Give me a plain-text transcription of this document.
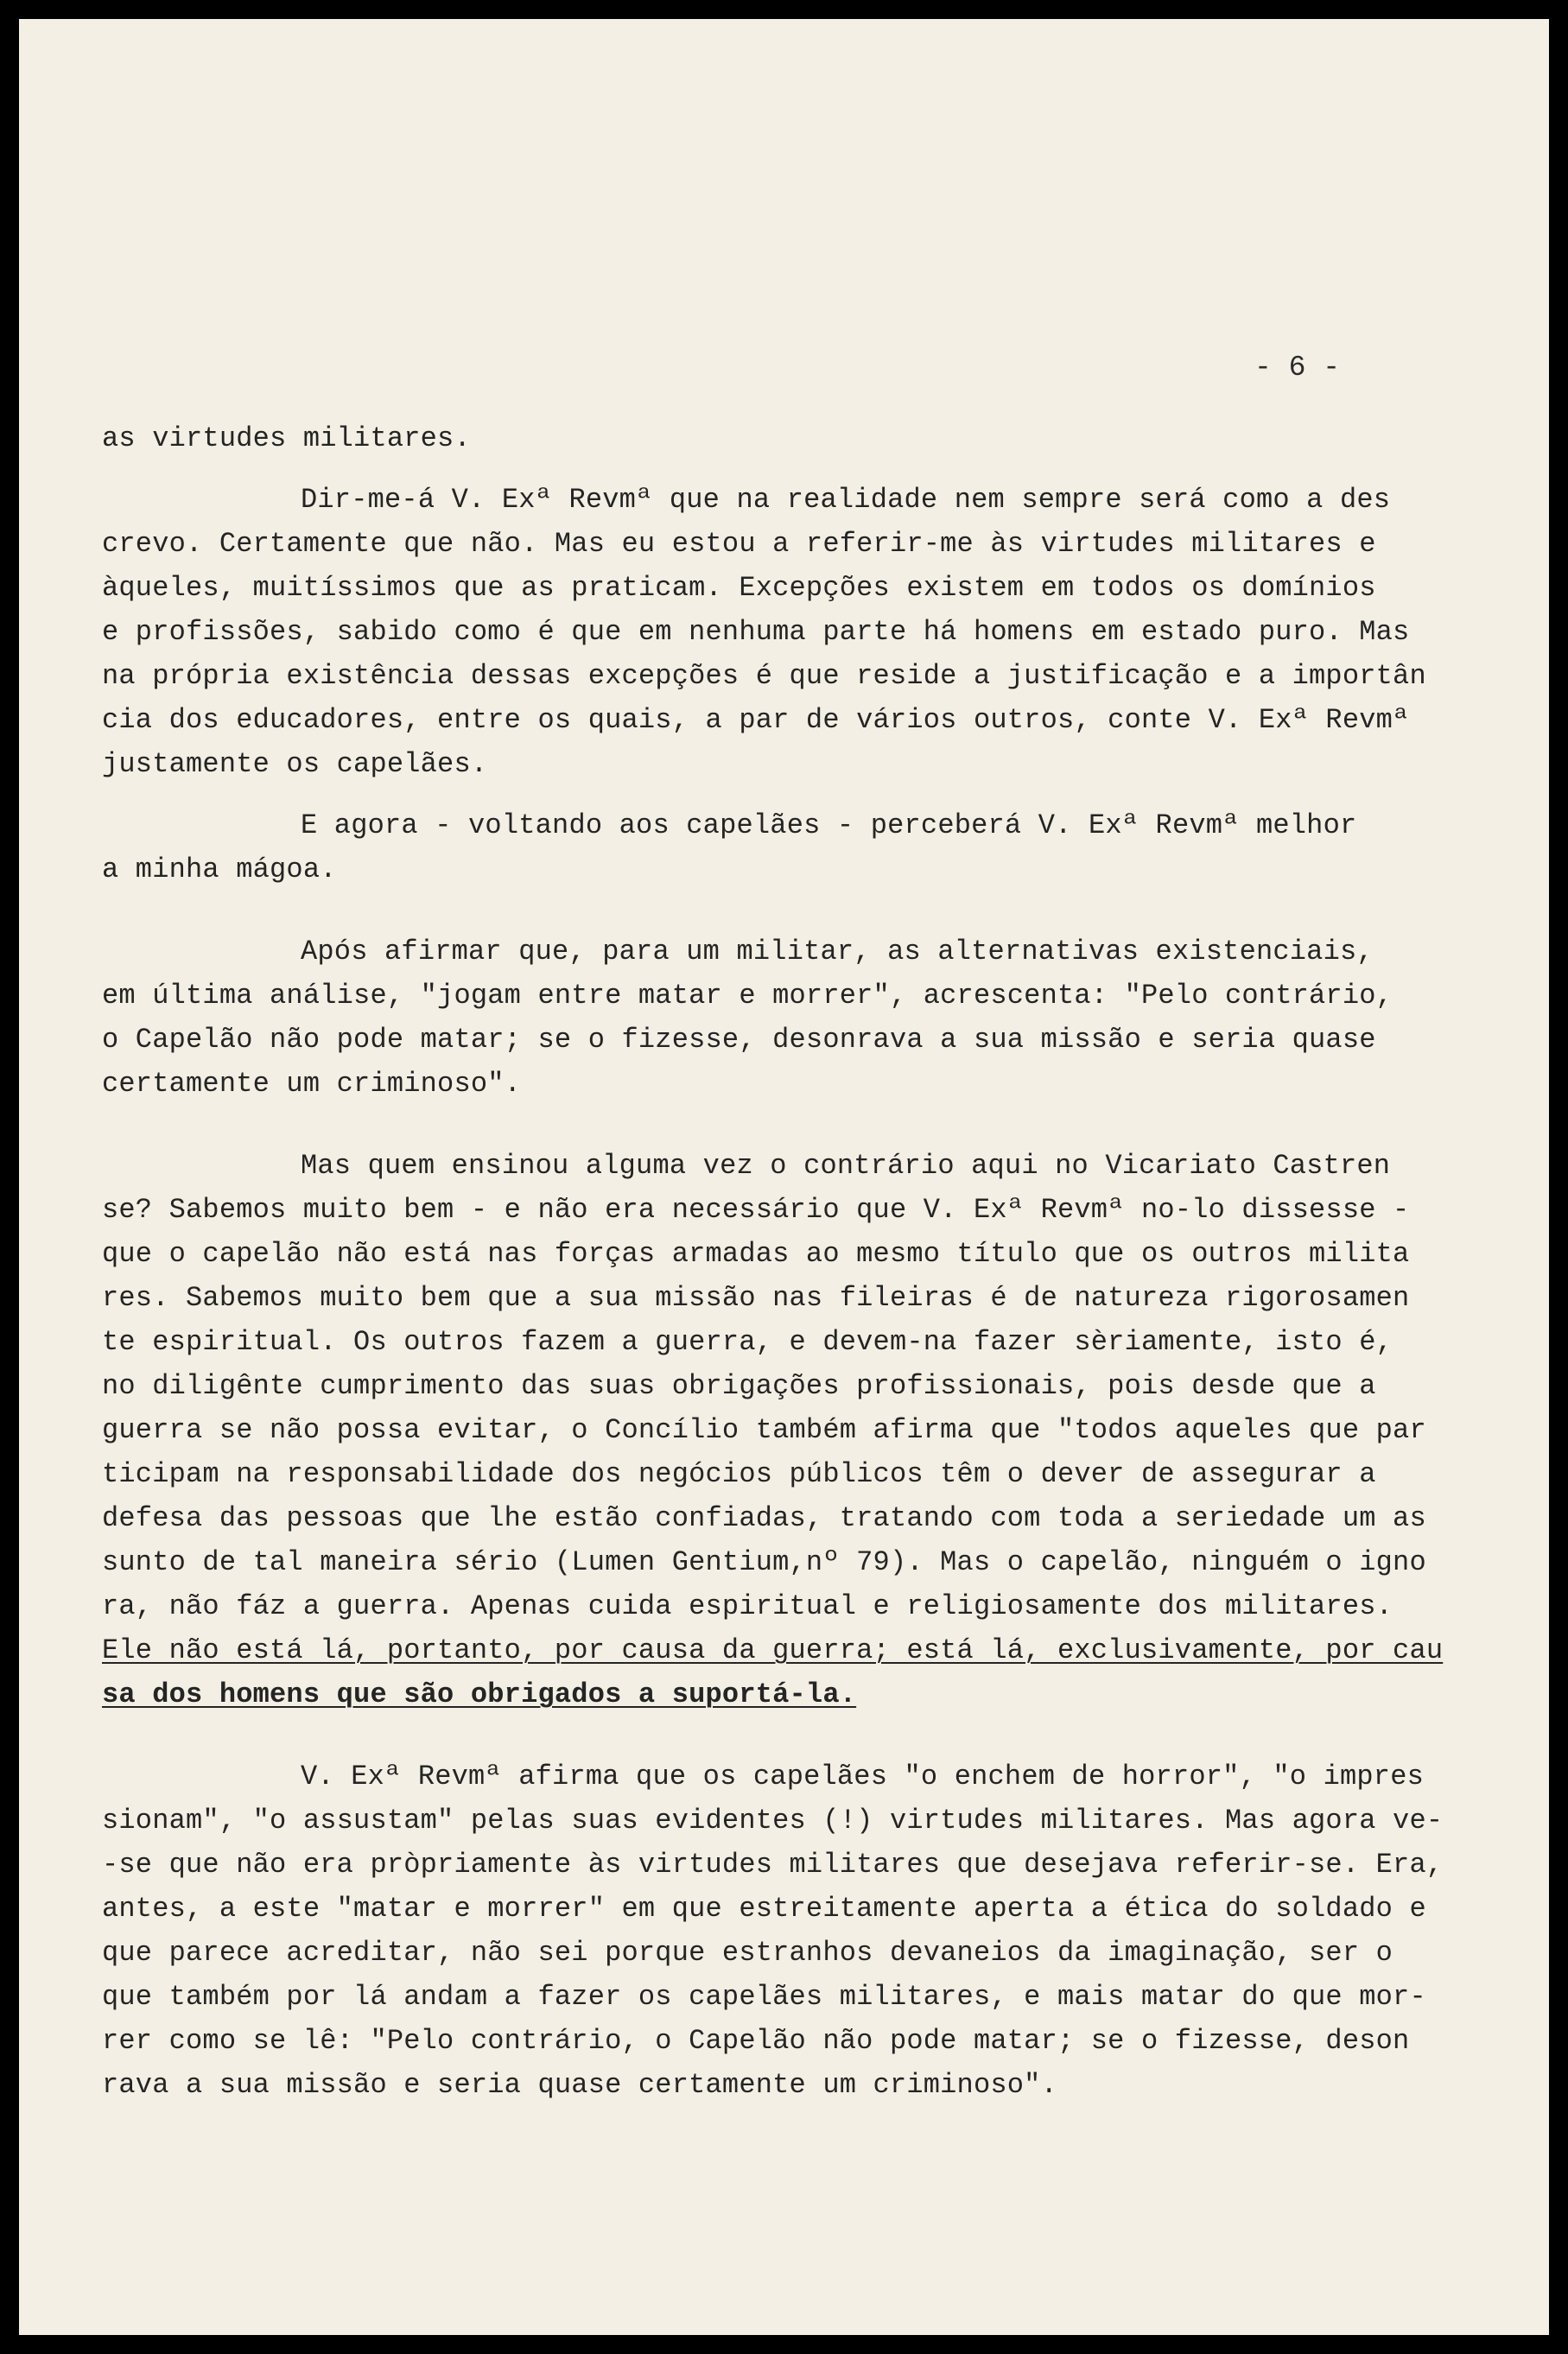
- 6 -

as virtudes militares.

Dir-me-á V. Exª Revmª que na realidade nem sempre será como a des
crevo. Certamente que não. Mas eu estou a referir-me às virtudes militares e
àqueles, muitíssimos que as praticam. Excepções existem em todos os domínios
e profissões, sabido como é que em nenhuma parte há homens em estado puro. Mas
na própria existência dessas excepções é que reside a justificação e a importân
cia dos educadores, entre os quais, a par de vários outros, conte V. Exª Revmª
justamente os capelães.

E agora - voltando aos capelães - perceberá V. Exª Revmª melhor
a minha mágoa.

Após afirmar que, para um militar, as alternativas existenciais,
em última análise, "jogam entre matar e morrer", acrescenta: "Pelo contrário,
o Capelão não pode matar; se o fizesse, desonrava a sua missão e seria quase
certamente um criminoso".

Mas quem ensinou alguma vez o contrário aqui no Vicariato Castren
se? Sabemos muito bem - e não era necessário que V. Exª Revmª no-lo dissesse -
que o capelão não está nas forças armadas ao mesmo título que os outros milita
res. Sabemos muito bem que a sua missão nas fileiras é de natureza rigorosamen
te espiritual. Os outros fazem a guerra, e devem-na fazer sèriamente, isto é,
no diligênte cumprimento das suas obrigações profissionais, pois desde que a
guerra se não possa evitar, o Concílio também afirma que "todos aqueles que par
ticipam na responsabilidade dos negócios públicos têm o dever de assegurar a
defesa das pessoas que lhe estão confiadas, tratando com toda a seriedade um as
sunto de tal maneira sério (Lumen Gentium,nº 79). Mas o capelão, ninguém o igno
ra, não fáz a guerra. Apenas cuida espiritual e religiosamente dos militares.
Ele não está lá, portanto, por causa da guerra; está lá, exclusivamente, por cau
sa dos homens que são obrigados a suportá-la.

V. Exª Revmª afirma que os capelães "o enchem de horror", "o impres
sionam", "o assustam" pelas suas evidentes (!) virtudes militares. Mas agora ve-
-se que não era pròpriamente às virtudes militares que desejava referir-se. Era,
antes, a este "matar e morrer" em que estreitamente aperta a ética do soldado e
que parece acreditar, não sei porque estranhos devaneios da imaginação, ser o
que também por lá andam a fazer os capelães militares, e mais matar do que mor-
rer como se lê: "Pelo contrário, o Capelão não pode matar; se o fizesse, deson
rava a sua missão e seria quase certamente um criminoso".
